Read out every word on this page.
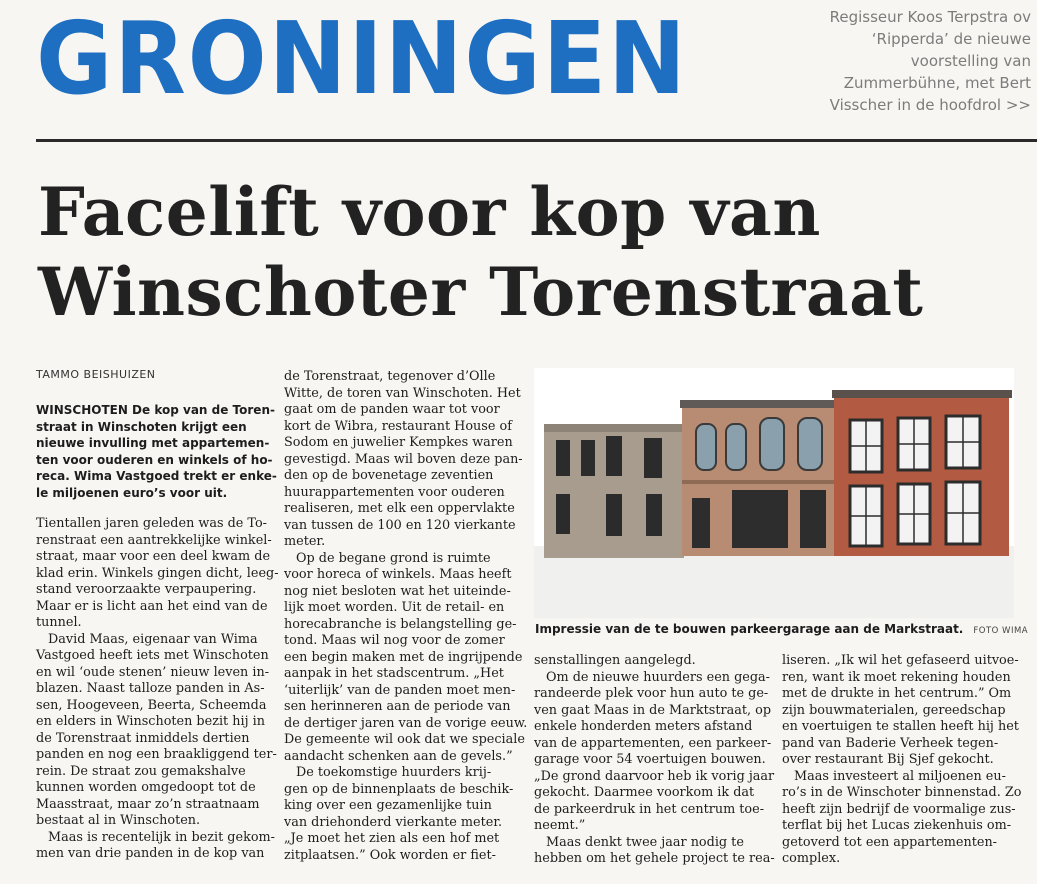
GRONINGEN	Regisseur Koos Terpstra ov
‘Ripperda’ de nieuwe
voorstelling van
Zummerbühne, met Bert
Visscher in de hoofdrol >>
Facelift voor kop van
Winschoter Torenstraat
TAMMO BEISHUIZEN
WINSCHOTEN De kop van de Toren-
straat in Winschoten krijgt een
nieuwe invulling met appartemen-
ten voor ouderen en winkels of ho-
reca. Wima Vastgoed trekt er enke-
le miljoenen euro’s voor uit.
Tientallen jaren geleden was de To-
renstraat een aantrekkelijke winkel-
straat, maar voor een deel kwam de
klad erin. Winkels gingen dicht, leeg-
stand veroorzaakte verpaupering.
Maar er is licht aan het eind van de
tunnel.
David Maas, eigenaar van Wima
Vastgoed heeft iets met Winschoten
en wil ‘oude stenen’ nieuw leven in-
blazen. Naast talloze panden in As-
sen, Hoogeveen, Beerta, Scheemda
en elders in Winschoten bezit hij in
de Torenstraat inmiddels dertien
panden en nog een braakliggend ter-
rein. De straat zou gemakshalve
kunnen worden omgedoopt tot de
Maasstraat, maar zo’n straatnaam
bestaat al in Winschoten.
Maas is recentelijk in bezit gekom-
men van drie panden in de kop van
de Torenstraat, tegenover d’Olle
Witte, de toren van Winschoten. Het
gaat om de panden waar tot voor
kort de Wibra, restaurant House of
Sodom en juwelier Kempkes waren
gevestigd. Maas wil boven deze pan-
den op de bovenetage zeventien
huurappartementen voor ouderen
realiseren, met elk een oppervlakte
van tussen de 100 en 120 vierkante
meter.
Op de begane grond is ruimte
voor horeca of winkels. Maas heeft
nog niet besloten wat het uiteinde-
lijk moet worden. Uit de retail- en
horecabranche is belangstelling ge-
tond. Maas wil nog voor de zomer
een begin maken met de ingrijpende
aanpak in het stadscentrum. „Het
‘uiterlijk’ van de panden moet men-
sen herinneren aan de periode van
de dertiger jaren van de vorige eeuw.
De gemeente wil ook dat we speciale
aandacht schenken aan de gevels.”
De toekomstige huurders krij-
gen op de binnenplaats de beschik-
king over een gezamenlijke tuin
van driehonderd vierkante meter.
„Je moet het zien als een hof met
zitplaatsen.” Ook worden er fiet-
senstallingen aangelegd.
Om de nieuwe huurders een gega-
randeerde plek voor hun auto te ge-
ven gaat Maas in de Marktstraat, op
enkele honderden meters afstand
van de appartementen, een parkeer-
garage voor 54 voertuigen bouwen.
„De grond daarvoor heb ik vorig jaar
gekocht. Daarmee voorkom ik dat
de parkeerdruk in het centrum toe-
neemt.”
Maas denkt twee jaar nodig te
hebben om het gehele project te rea-
liseren. „Ik wil het gefaseerd uitvoe-
ren, want ik moet rekening houden
met de drukte in het centrum.” Om
zijn bouwmaterialen, gereedschap
en voertuigen te stallen heeft hij het
pand van Baderie Verheek tegen-
over restaurant Bij Sjef gekocht.
Maas investeert al miljoenen eu-
ro’s in de Winschoter binnenstad. Zo
heeft zijn bedrijf de voormalige zus-
terflat bij het Lucas ziekenhuis om-
getoverd tot een appartementen-
complex.
Impressie van de te bouwen parkeergarage aan de Markstraat. FOTO WIMA
